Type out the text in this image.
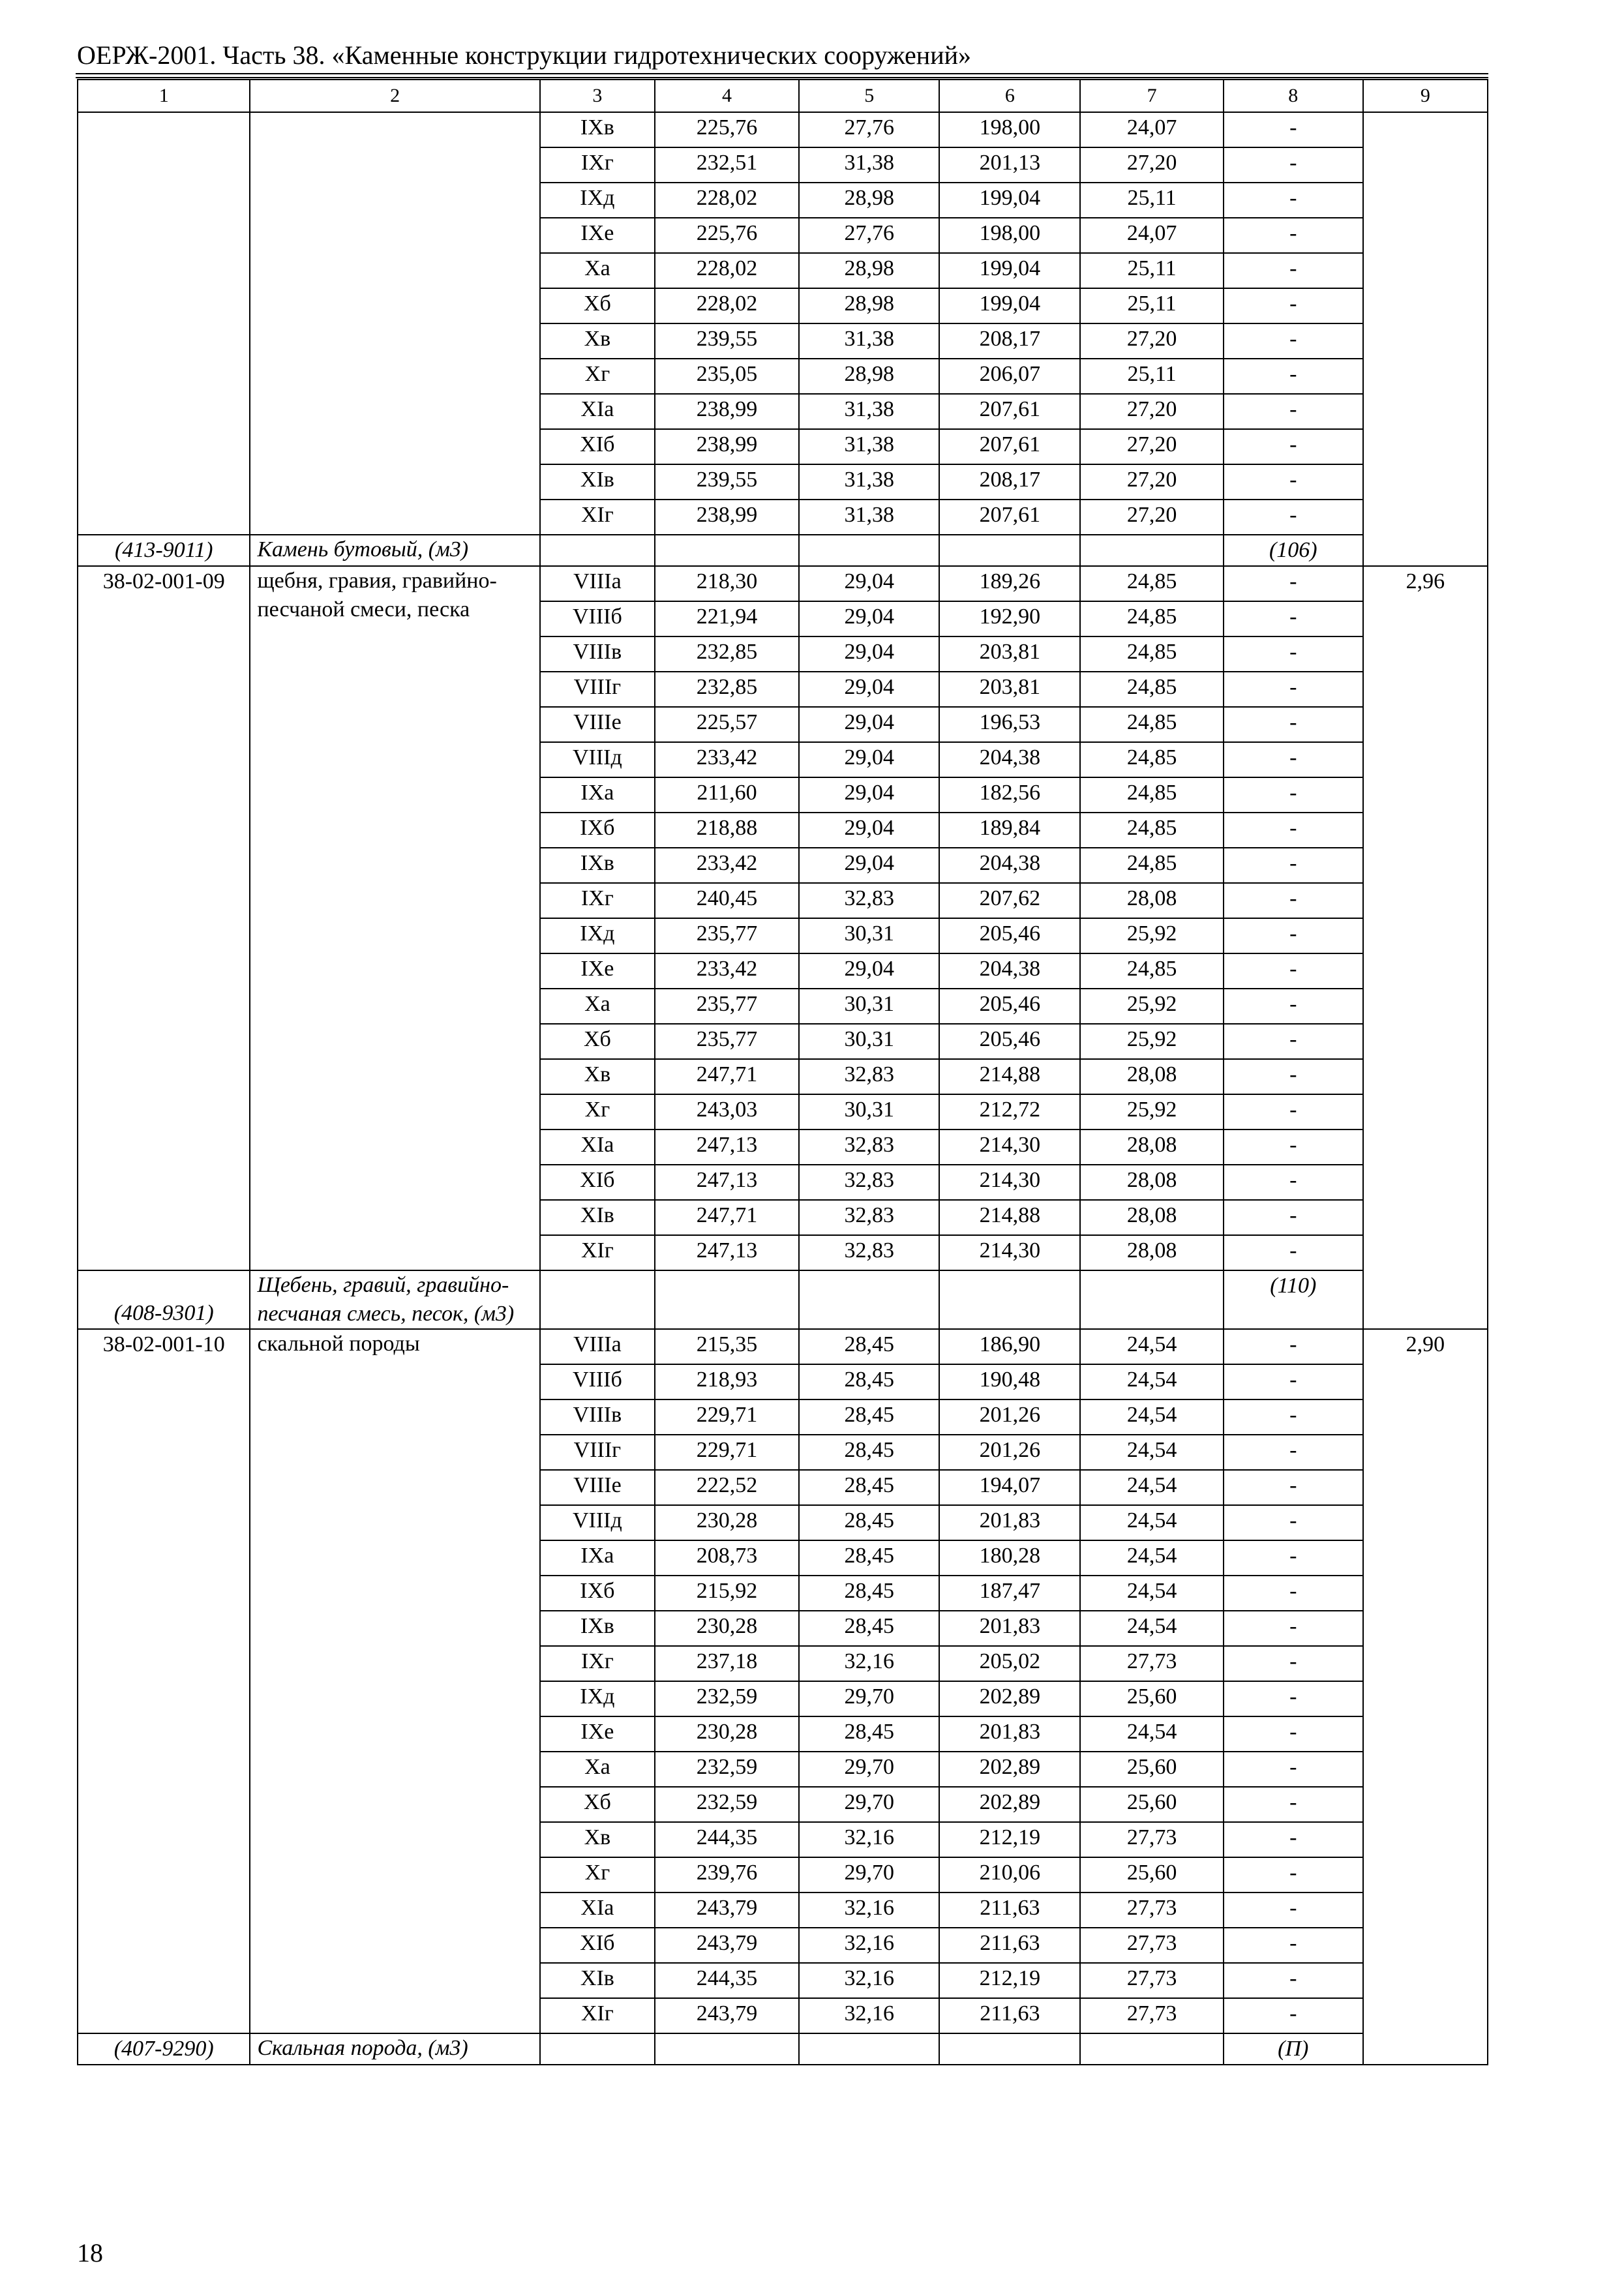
ОЕРЖ-2001. Часть 38. «Каменные конструкции гидротехнических сооружений»
1	2	3	4	5	6	7	8	9
		IXв	225,76	27,76	198,00	24,07	-	
		IXг	232,51	31,38	201,13	27,20	-	
		IXд	228,02	28,98	199,04	25,11	-	
		IXе	225,76	27,76	198,00	24,07	-	
		Xа	228,02	28,98	199,04	25,11	-	
		Xб	228,02	28,98	199,04	25,11	-	
		Xв	239,55	31,38	208,17	27,20	-	
		Xг	235,05	28,98	206,07	25,11	-	
		XIа	238,99	31,38	207,61	27,20	-	
		XIб	238,99	31,38	207,61	27,20	-	
		XIв	239,55	31,38	208,17	27,20	-	
		XIг	238,99	31,38	207,61	27,20	-	
(413-9011)	Камень бутовый, (м3)						(106)	
38-02-001-09	щебня, гравия, гравийно-песчаной смеси, песка	VIIIа	218,30	29,04	189,26	24,85	-	2,96
		VIIIб	221,94	29,04	192,90	24,85	-	
		VIIIв	232,85	29,04	203,81	24,85	-	
		VIIIг	232,85	29,04	203,81	24,85	-	
		VIIIе	225,57	29,04	196,53	24,85	-	
		VIIIд	233,42	29,04	204,38	24,85	-	
		IXа	211,60	29,04	182,56	24,85	-	
		IXб	218,88	29,04	189,84	24,85	-	
		IXв	233,42	29,04	204,38	24,85	-	
		IXг	240,45	32,83	207,62	28,08	-	
		IXд	235,77	30,31	205,46	25,92	-	
		IXе	233,42	29,04	204,38	24,85	-	
		Xа	235,77	30,31	205,46	25,92	-	
		Xб	235,77	30,31	205,46	25,92	-	
		Xв	247,71	32,83	214,88	28,08	-	
		Xг	243,03	30,31	212,72	25,92	-	
		XIа	247,13	32,83	214,30	28,08	-	
		XIб	247,13	32,83	214,30	28,08	-	
		XIв	247,71	32,83	214,88	28,08	-	
		XIг	247,13	32,83	214,30	28,08	-	
(408-9301)	Щебень, гравий, гравийно-песчаная смесь, песок, (м3)						(110)	
38-02-001-10	скальной породы	VIIIа	215,35	28,45	186,90	24,54	-	2,90
		VIIIб	218,93	28,45	190,48	24,54	-	
		VIIIв	229,71	28,45	201,26	24,54	-	
		VIIIг	229,71	28,45	201,26	24,54	-	
		VIIIе	222,52	28,45	194,07	24,54	-	
		VIIIд	230,28	28,45	201,83	24,54	-	
		IXа	208,73	28,45	180,28	24,54	-	
		IXб	215,92	28,45	187,47	24,54	-	
		IXв	230,28	28,45	201,83	24,54	-	
		IXг	237,18	32,16	205,02	27,73	-	
		IXд	232,59	29,70	202,89	25,60	-	
		IXе	230,28	28,45	201,83	24,54	-	
		Xа	232,59	29,70	202,89	25,60	-	
		Xб	232,59	29,70	202,89	25,60	-	
		Xв	244,35	32,16	212,19	27,73	-	
		Xг	239,76	29,70	210,06	25,60	-	
		XIа	243,79	32,16	211,63	27,73	-	
		XIб	243,79	32,16	211,63	27,73	-	
		XIв	244,35	32,16	212,19	27,73	-	
		XIг	243,79	32,16	211,63	27,73	-	
(407-9290)	Скальная порода, (м3)						(П)	
18
